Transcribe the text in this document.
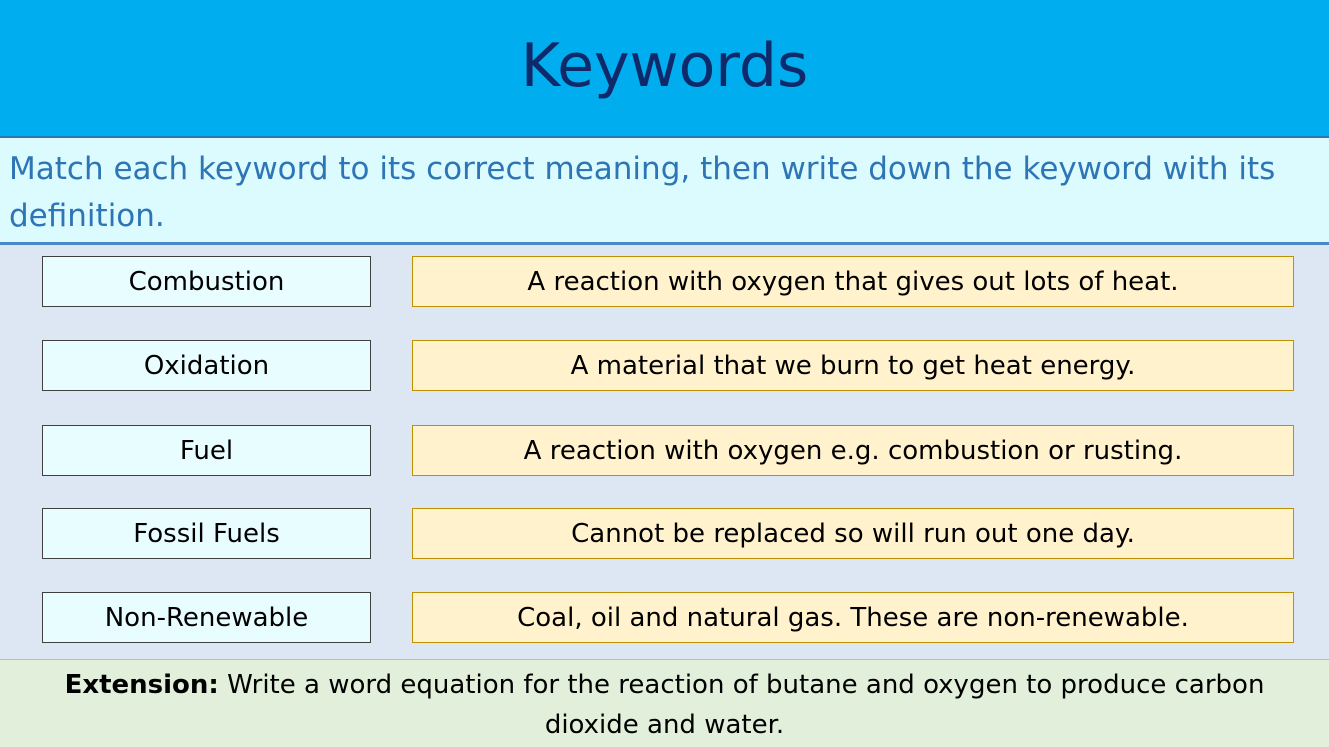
Keywords
Match each keyword to its correct meaning, then write down the keyword with its definition.
Combustion	A reaction with oxygen that gives out lots of heat.
Oxidation	A material that we burn to get heat energy.
Fuel	A reaction with oxygen e.g. combustion or rusting.
Fossil Fuels	Cannot be replaced so will run out one day.
Non-Renewable	Coal, oil and natural gas. These are non-renewable.
Extension: Write a word equation for the reaction of butane and oxygen to produce carbon dioxide and water.
